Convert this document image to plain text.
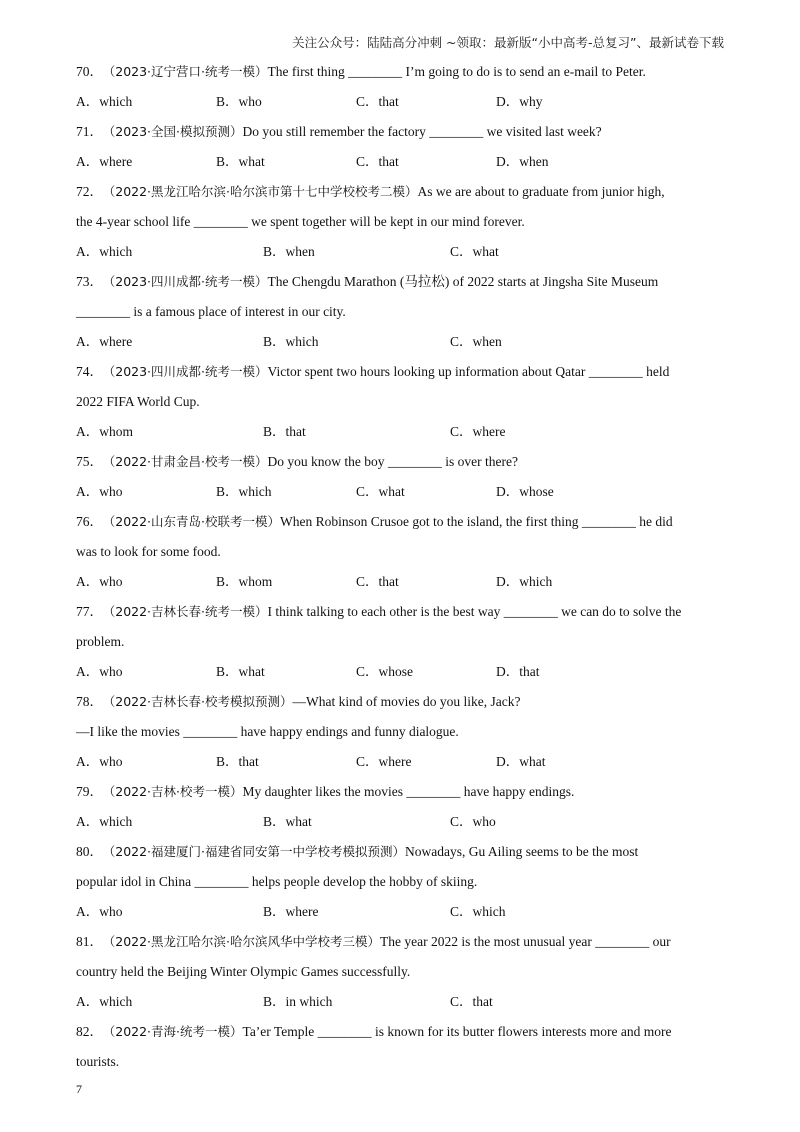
关注公众号：陆陆高分冲刺 ~领取：最新版“小中高考-总复习”、最新试卷下载
70． （2023·辽宁营口·统考一模）The first thing ________ I’m going to do is to send an e-mail to Peter.
A．which	B．who	C．that	D．why
71． （2023·全国·模拟预测）Do you still remember the factory ________ we visited last week?
A．where	B．what	C．that	D．when
72． （2022·黑龙江哈尔滨·哈尔滨市第十七中学校校考二模）As we are about to graduate from junior high,
the 4-year school life ________ we spent together will be kept in our mind forever.
A．which	B．when	C．what
73． （2023·四川成都·统考一模）The Chengdu Marathon (马拉松) of 2022 starts at Jingsha Site Museum
________ is a famous place of interest in our city.
A．where	B．which	C．when
74． （2023·四川成都·统考一模）Victor spent two hours looking up information about Qatar ________ held
2022 FIFA World Cup.
A．whom	B．that	C．where
75． （2022·甘肃金昌·校考一模）Do you know the boy ________ is over there?
A．who	B．which	C．what	D．whose
76． （2022·山东青岛·校联考一模）When Robinson Crusoe got to the island, the first thing ________ he did
was to look for some food.
A．who	B．whom	C．that	D．which
77． （2022·吉林长春·统考一模）I think talking to each other is the best way ________ we can do to solve the
problem.
A．who	B．what	C．whose	D．that
78． （2022·吉林长春·校考模拟预测）—What kind of movies do you like, Jack?
—I like the movies ________ have happy endings and funny dialogue.
A．who	B．that	C．where	D．what
79． （2022·吉林·校考一模）My daughter likes the movies ________ have happy endings.
A．which	B．what	C．who
80． （2022·福建厦门·福建省同安第一中学校考模拟预测）Nowadays, Gu Ailing seems to be the most
popular idol in China ________ helps people develop the hobby of skiing.
A．who	B．where	C．which
81． （2022·黑龙江哈尔滨·哈尔滨风华中学校考三模）The year 2022 is the most unusual year ________ our
country held the Beijing Winter Olympic Games successfully.
A．which	B．in which	C．that
82． （2022·青海·统考一模）Ta’er Temple ________ is known for its butter flowers interests more and more
tourists.
7
